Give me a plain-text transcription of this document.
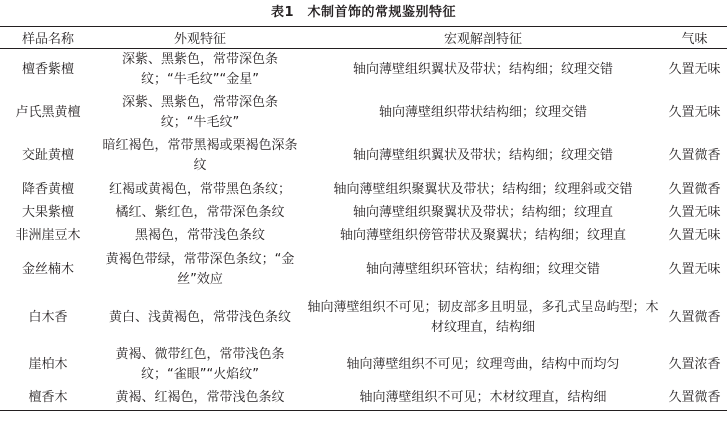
表1　木制首饰的常规鉴别特征
样品名称	外观特征	宏观解剖特征	气味
檀香紫檀	深紫、黑紫色，常带深色条纹；“牛毛纹”“金星”	轴向薄壁组织翼状及带状；结构细；纹理交错	久置无味
卢氏黑黄檀	深紫、黑紫色，常带深色条纹；“牛毛纹”	轴向薄壁组织带状结构细；纹理交错	久置无味
交趾黄檀	暗红褐色，常带黑褐或栗褐色深条纹	轴向薄壁组织翼状及带状；结构细；纹理交错	久置微香
降香黄檀	红褐或黄褐色，常带黑色条纹；	轴向薄壁组织聚翼状及带状；结构细；纹理斜或交错	久置微香
大果紫檀	橘红、紫红色，常带深色条纹	轴向薄壁组织聚翼状及带状；结构细；纹理直	久置无味
非洲崖豆木	黑褐色，常带浅色条纹	轴向薄壁组织傍管带状及聚翼状；结构细；纹理直	久置无味
金丝楠木	黄褐色带绿，常带深色条纹；“金丝”效应	轴向薄壁组织环管状；结构细；纹理交错	久置无味
白木香	黄白、浅黄褐色，常带浅色条纹	轴向薄壁组织不可见；韧皮部多且明显，多孔式呈岛屿型；木材纹理直，结构细	久置微香
崖柏木	黄褐、微带红色，常带浅色条纹；“雀眼”“火焰纹”	轴向薄壁组织不可见；纹理弯曲，结构中而均匀	久置浓香
檀香木	黄褐、红褐色，常带浅色条纹	轴向薄壁组织不可见；木材纹理直，结构细	久置微香
